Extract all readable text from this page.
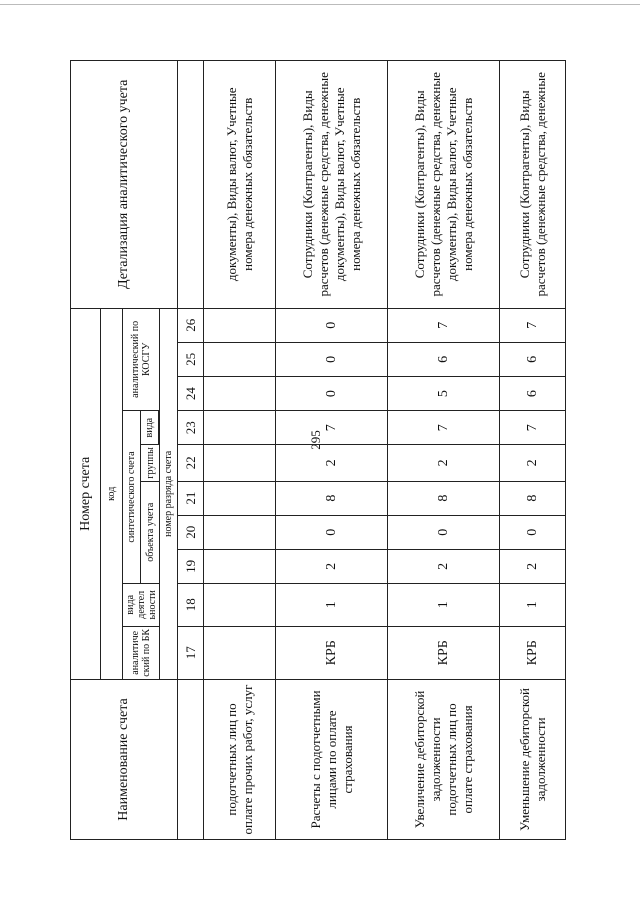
295
Наименование счета	Номер счета										Детализация аналитического учета
	код										
	аналитиче ский по БК	вида деятел ьности	синтетического счета					аналитический по КОСГУ			
			объекта учета			группы	вида				

	номер разряда счета										
	17	18	19	20	21	22	23	24	25	26	
подотчетных лиц по оплате прочих работ, услуг											документы), Виды валют, Учетные номера денежных обязательств
Расчеты с подотчетными лицами по оплате страхования	КРБ	1	2	0	8	2	7	0	0	0	Сотрудники (Контрагенты), Виды расчетов (денежные средства, денежные документы), Виды валют, Учетные номера денежных обязательств
Увеличение дебиторской задолженности подотчетных лиц по оплате страхования	КРБ	1	2	0	8	2	7	5	6	7	Сотрудники (Контрагенты), Виды расчетов (денежные средства, денежные документы), Виды валют, Учетные номера денежных обязательств
Уменьшение дебиторской задолженности	КРБ	1	2	0	8	2	7	6	6	7	Сотрудники (Контрагенты), Виды расчетов (денежные средства, денежные
